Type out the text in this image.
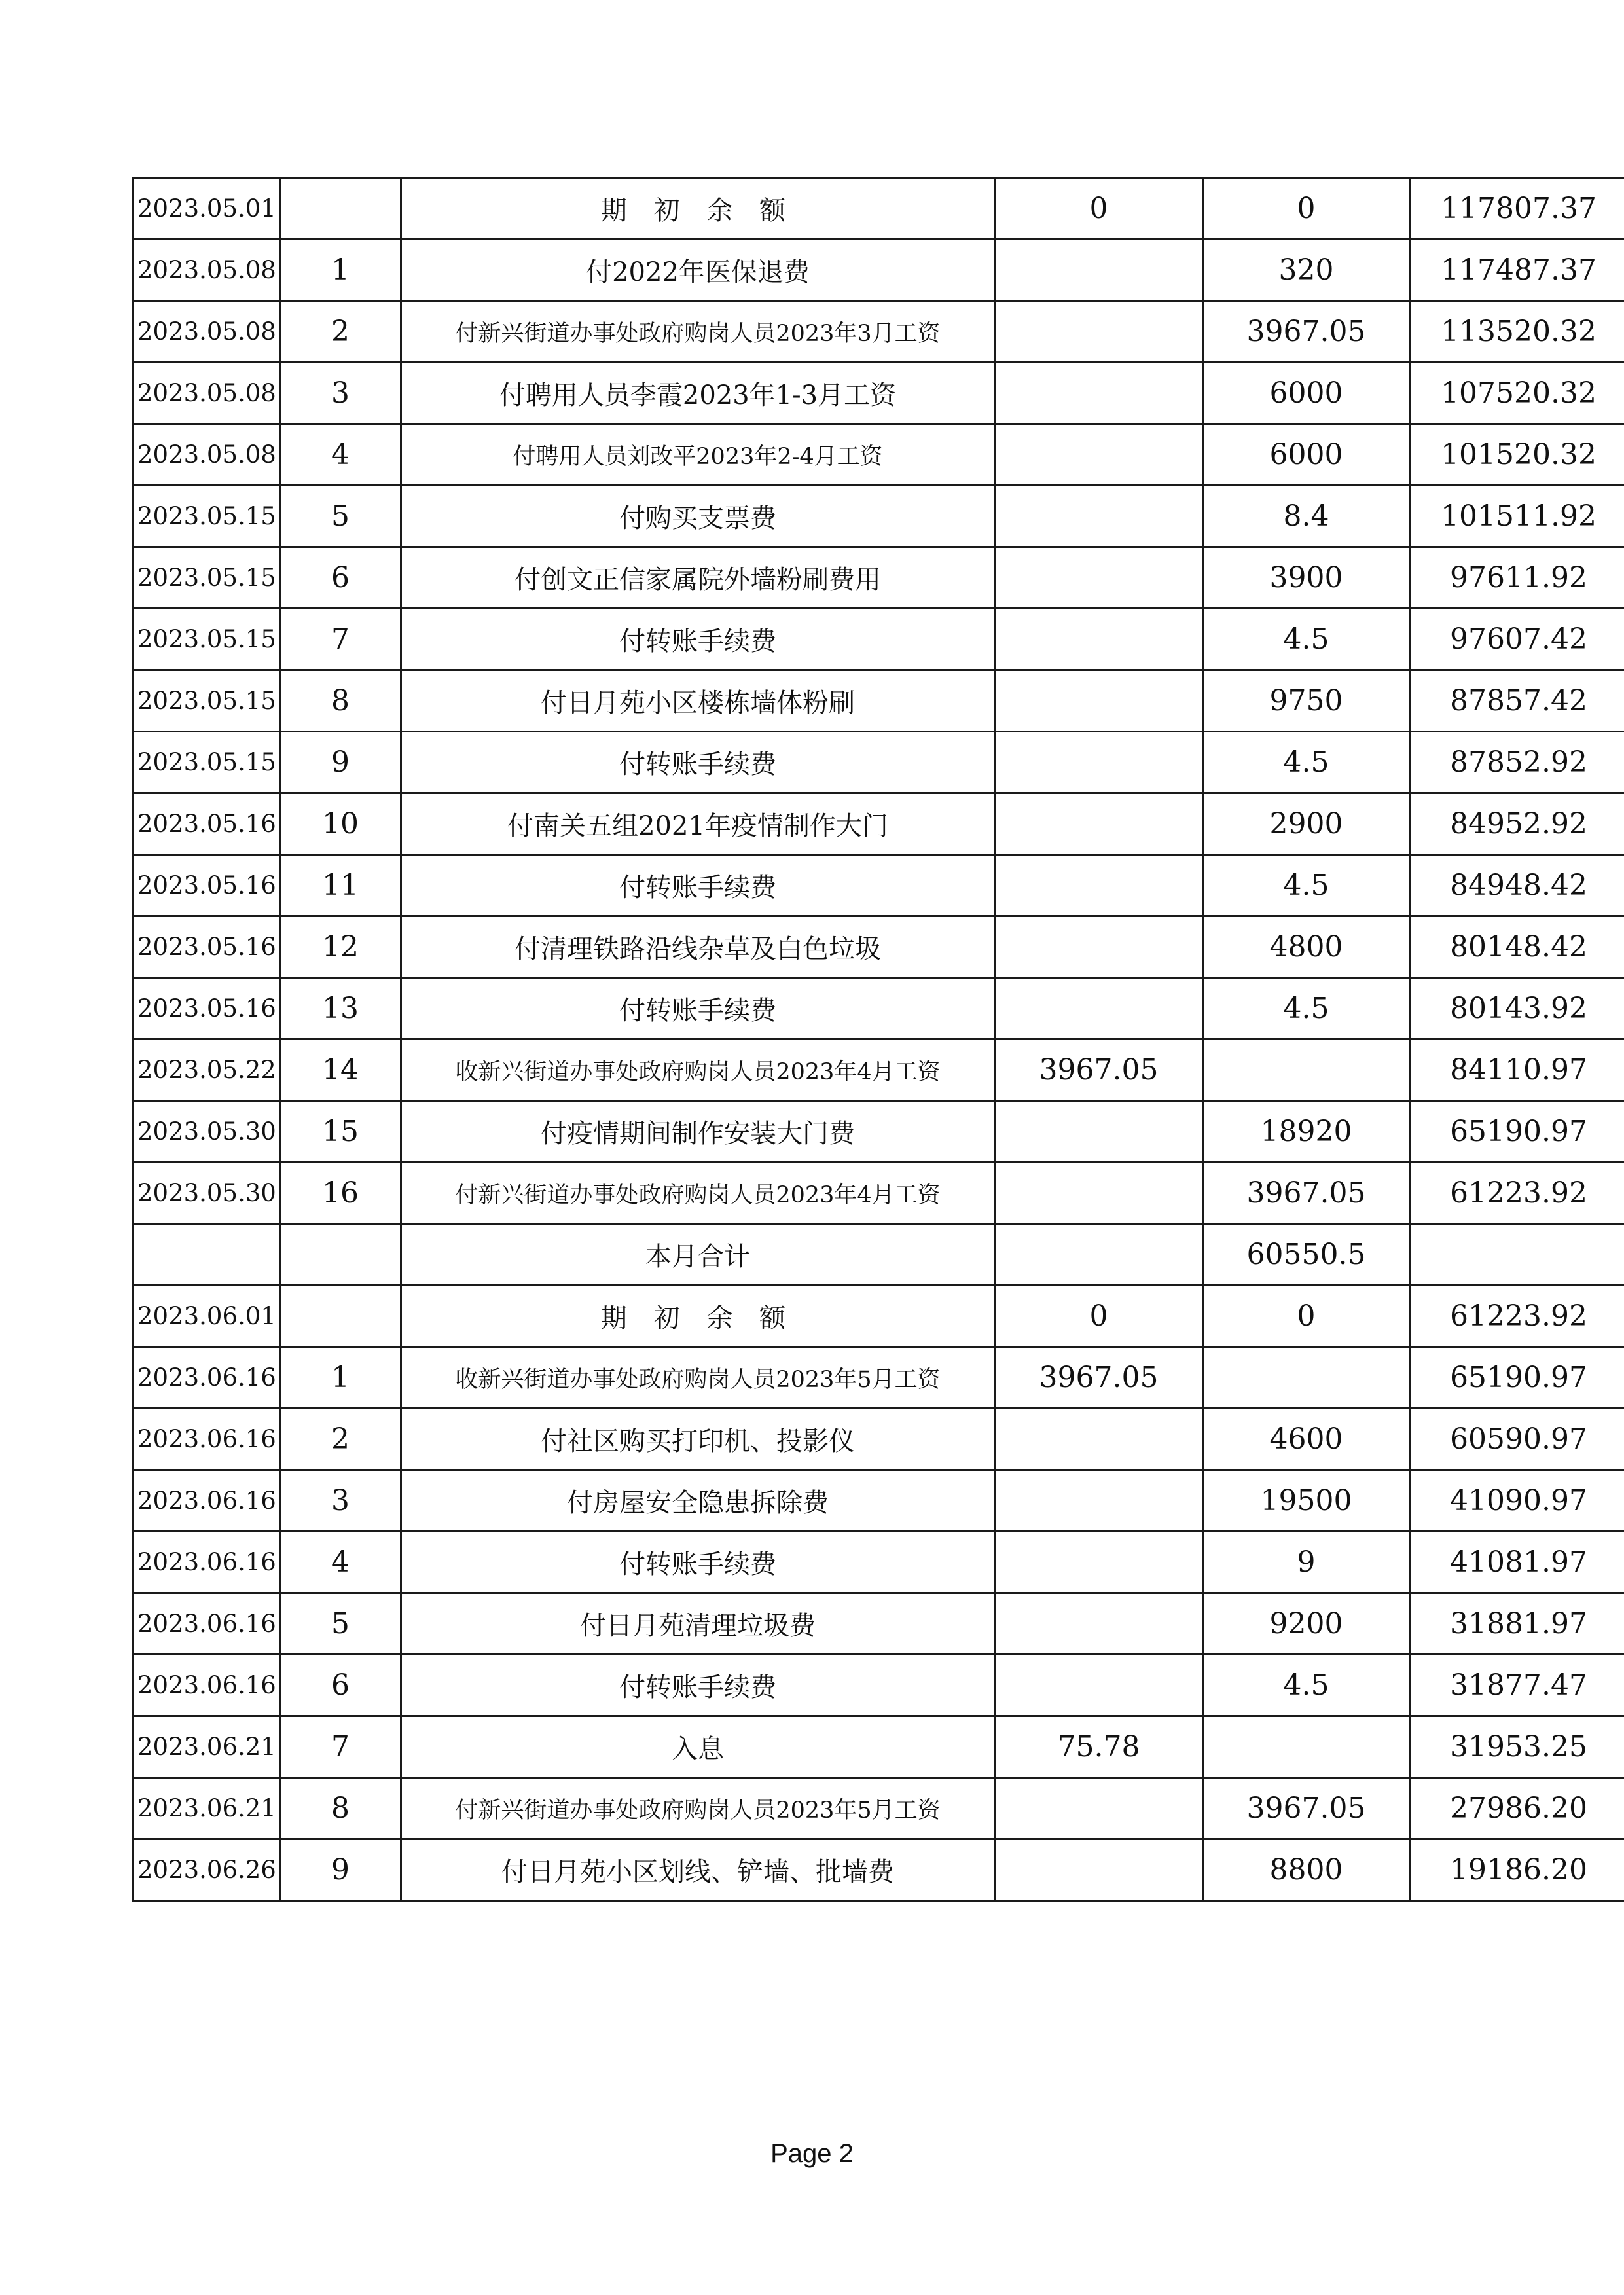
2023.05.01		期 初 余 额	0	0	117807.37
2023.05.08	1	付2022年医保退费		320	117487.37
2023.05.08	2	付新兴街道办事处政府购岗人员2023年3月工资		3967.05	113520.32
2023.05.08	3	付聘用人员李霞2023年1-3月工资		6000	107520.32
2023.05.08	4	付聘用人员刘改平2023年2-4月工资		6000	101520.32
2023.05.15	5	付购买支票费		8.4	101511.92
2023.05.15	6	付创文正信家属院外墙粉刷费用		3900	97611.92
2023.05.15	7	付转账手续费		4.5	97607.42
2023.05.15	8	付日月苑小区楼栋墙体粉刷		9750	87857.42
2023.05.15	9	付转账手续费		4.5	87852.92
2023.05.16	10	付南关五组2021年疫情制作大门		2900	84952.92
2023.05.16	11	付转账手续费		4.5	84948.42
2023.05.16	12	付清理铁路沿线杂草及白色垃圾		4800	80148.42
2023.05.16	13	付转账手续费		4.5	80143.92
2023.05.22	14	收新兴街道办事处政府购岗人员2023年4月工资	3967.05		84110.97
2023.05.30	15	付疫情期间制作安装大门费		18920	65190.97
2023.05.30	16	付新兴街道办事处政府购岗人员2023年4月工资		3967.05	61223.92
		本月合计		60550.5	
2023.06.01		期 初 余 额	0	0	61223.92
2023.06.16	1	收新兴街道办事处政府购岗人员2023年5月工资	3967.05		65190.97
2023.06.16	2	付社区购买打印机、投影仪		4600	60590.97
2023.06.16	3	付房屋安全隐患拆除费		19500	41090.97
2023.06.16	4	付转账手续费		9	41081.97
2023.06.16	5	付日月苑清理垃圾费		9200	31881.97
2023.06.16	6	付转账手续费		4.5	31877.47
2023.06.21	7	入息	75.78		31953.25
2023.06.21	8	付新兴街道办事处政府购岗人员2023年5月工资		3967.05	27986.20
2023.06.26	9	付日月苑小区划线、铲墙、批墙费		8800	19186.20
Page 2
